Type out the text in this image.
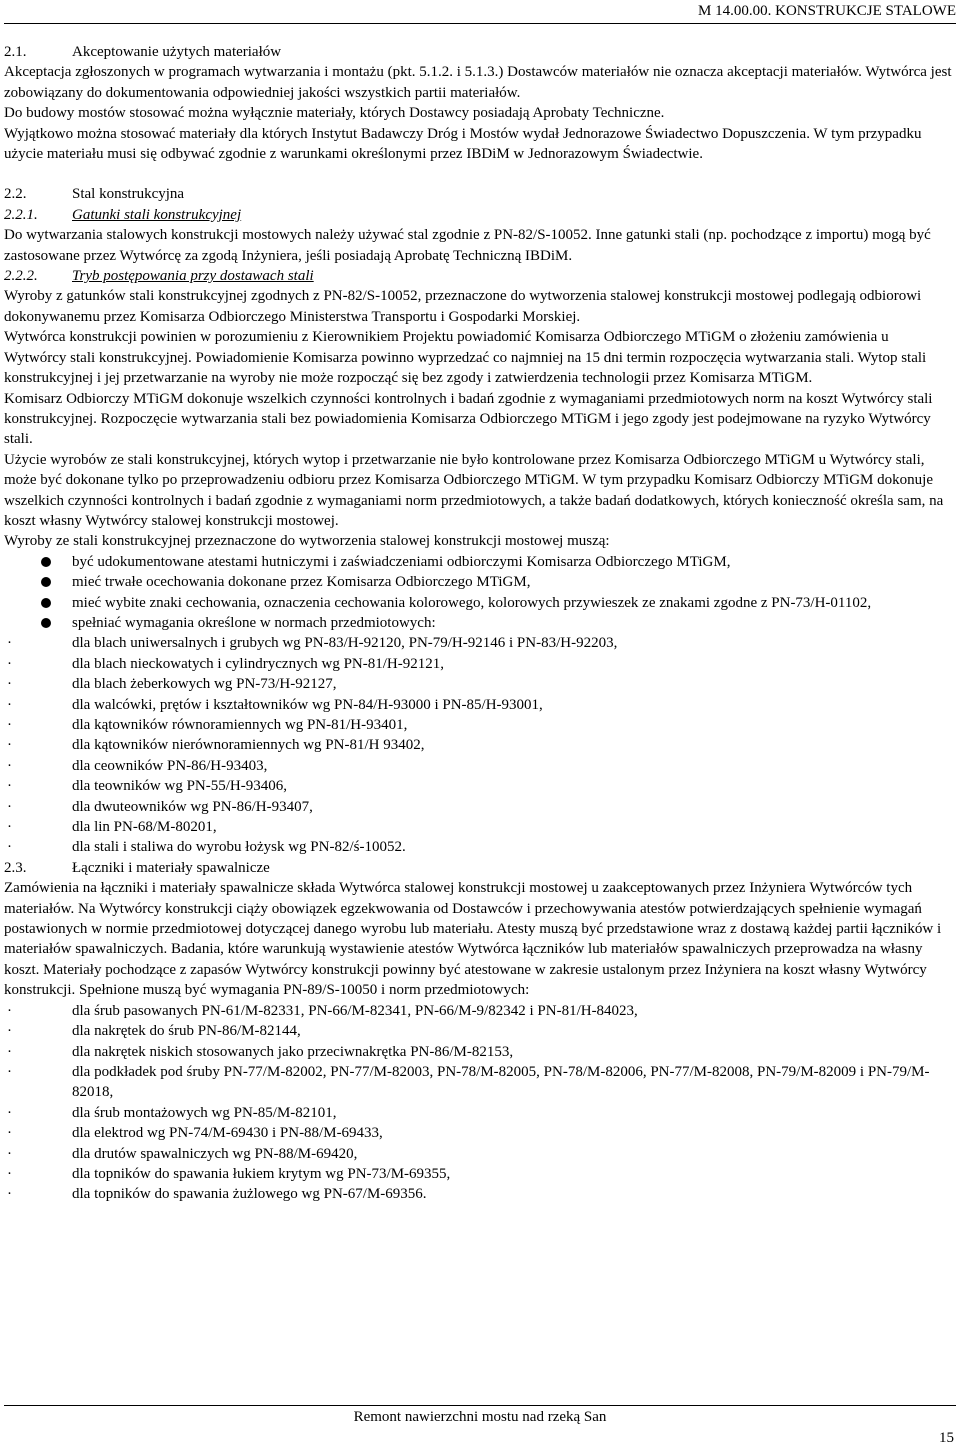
M 14.00.00. KONSTRUKCJE STALOWE
2.1.	Akceptowanie użytych materiałów

Akceptacja zgłoszonych w programach wytwarzania i montażu (pkt. 5.1.2. i 5.1.3.) Dostawców materiałów nie oznacza akceptacji materiałów. Wytwórca jest zobowiązany do dokumentowania odpowiedniej jakości wszystkich partii materiałów.

Do budowy mostów stosować można wyłącznie materiały, których Dostawcy posiadają Aprobaty Techniczne.

Wyjątkowo można stosować materiały dla których Instytut Badawczy Dróg i Mostów wydał Jednorazowe Świadectwo Dopuszczenia. W tym przypadku użycie materiału musi się odbywać zgodnie z warunkami określonymi przez IBDiM w Jednorazowym Świadectwie.

2.2.	Stal konstrukcyjna
2.2.1.	Gatunki stali konstrukcyjnej

Do wytwarzania stalowych konstrukcji mostowych należy używać stal zgodnie z PN-82/S-10052. Inne gatunki stali (np. pochodzące z importu) mogą być zastosowane przez Wytwórcę za zgodą Inżyniera, jeśli posiadają Aprobatę Techniczną IBDiM.

2.2.2.	Tryb postępowania przy dostawach stali

Wyroby z gatunków stali konstrukcyjnej zgodnych z PN-82/S-10052, przeznaczone do wytworzenia stalowej konstrukcji mostowej podlegają odbiorowi dokonywanemu przez Komisarza Odbiorczego Ministerstwa Transportu i Gospodarki Morskiej.

Wytwórca konstrukcji powinien w porozumieniu z Kierownikiem Projektu powiadomić Komisarza Odbiorczego MTiGM o złożeniu zamówienia u Wytwórcy stali konstrukcyjnej. Powiadomienie Komisarza powinno wyprzedzać co najmniej na 15 dni termin rozpoczęcia wytwarzania stali. Wytop stali konstrukcyjnej i jej przetwarzanie na wyroby nie może rozpocząć się bez zgody i zatwierdzenia technologii przez Komisarza MTiGM.

Komisarz Odbiorczy MTiGM dokonuje wszelkich czynności kontrolnych i badań zgodnie z wymaganiami przedmiotowych norm na koszt Wytwórcy stali konstrukcyjnej. Rozpoczęcie wytwarzania stali bez powiadomienia Komisarza Odbiorczego MTiGM i jego zgody jest podejmowane na ryzyko Wytwórcy stali.

Użycie wyrobów ze stali konstrukcyjnej, których wytop i przetwarzanie nie było kontrolowane przez Komisarza Odbiorczego MTiGM u Wytwórcy stali, może być dokonane tylko po przeprowadzeniu odbioru przez Komisarza Odbiorczego MTiGM. W tym przypadku Komisarz Odbiorczy MTiGM dokonuje wszelkich czynności kontrolnych i badań zgodnie z wymaganiami norm przedmiotowych, a także badań dodatkowych, których konieczność określa sam, na koszt własny Wytwórcy stalowej konstrukcji mostowej.

Wyroby ze stali konstrukcyjnej przeznaczone do wytworzenia stalowej konstrukcji mostowej muszą:

być udokumentowane atestami hutniczymi i zaświadczeniami odbiorczymi Komisarza Odbiorczego MTiGM,
mieć trwałe ocechowania dokonane przez Komisarza Odbiorczego MTiGM,
mieć wybite znaki cechowania, oznaczenia cechowania kolorowego, kolorowych przywieszek ze znakami zgodne z PN-73/H-01102,
spełniać wymagania określone w normach przedmiotowych:
·	dla blach uniwersalnych i grubych wg PN-83/H-92120, PN-79/H-92146 i PN-83/H-92203,
·	dla blach nieckowatych i cylindrycznych wg PN-81/H-92121,
·	dla blach żeberkowych wg PN-73/H-92127,
·	dla walcówki, prętów i kształtowników wg PN-84/H-93000 i PN-85/H-93001,
·	dla kątowników równoramiennych wg PN-81/H-93401,
·	dla kątowników nierównoramiennych wg PN-81/H 93402,
·	dla ceowników PN-86/H-93403,
·	dla teowników wg PN-55/H-93406,
·	dla dwuteowników wg PN-86/H-93407,
·	dla lin PN-68/M-80201,
·	dla stali i staliwa do wyrobu łożysk wg PN-82/ś-10052.
2.3.	Łączniki i materiały spawalnicze

Zamówienia na łączniki i materiały spawalnicze składa Wytwórca stalowej konstrukcji mostowej u zaakceptowanych przez Inżyniera Wytwórców tych materiałów. Na Wytwórcy konstrukcji ciąży obowiązek egzekwowania od Dostawców i przechowywania atestów potwierdzających spełnienie wymagań postawionych w normie przedmiotowej dotyczącej danego wyrobu lub materiału. Atesty muszą być przedstawione wraz z dostawą każdej partii łączników i materiałów spawalniczych. Badania, które warunkują wystawienie atestów Wytwórca łączników lub materiałów spawalniczych przeprowadza na własny koszt. Materiały pochodzące z zapasów Wytwórcy konstrukcji powinny być atestowane w zakresie ustalonym przez Inżyniera na koszt własny Wytwórcy konstrukcji. Spełnione muszą być wymagania PN-89/S-10050 i norm przedmiotowych:

·	dla śrub pasowanych PN-61/M-82331, PN-66/M-82341, PN-66/M-9/82342 i PN-81/H-84023,
·	dla nakrętek do śrub PN-86/M-82144,
·	dla nakrętek niskich stosowanych jako przeciwnakrętka PN-86/M-82153,
·	dla podkładek pod śruby PN-77/M-82002, PN-77/M-82003, PN-78/M-82005, PN-78/M-82006, PN-77/M-82008, PN-79/M-82009 i PN-79/M-82018,
·	dla śrub montażowych wg PN-85/M-82101,
·	dla elektrod wg PN-74/M-69430 i PN-88/M-69433,
·	dla drutów spawalniczych wg PN-88/M-69420,
·	dla topników do spawania łukiem krytym wg PN-73/M-69355,
·	dla topników do spawania żużlowego wg PN-67/M-69356.
Remont nawierzchni mostu nad rzeką San
15
